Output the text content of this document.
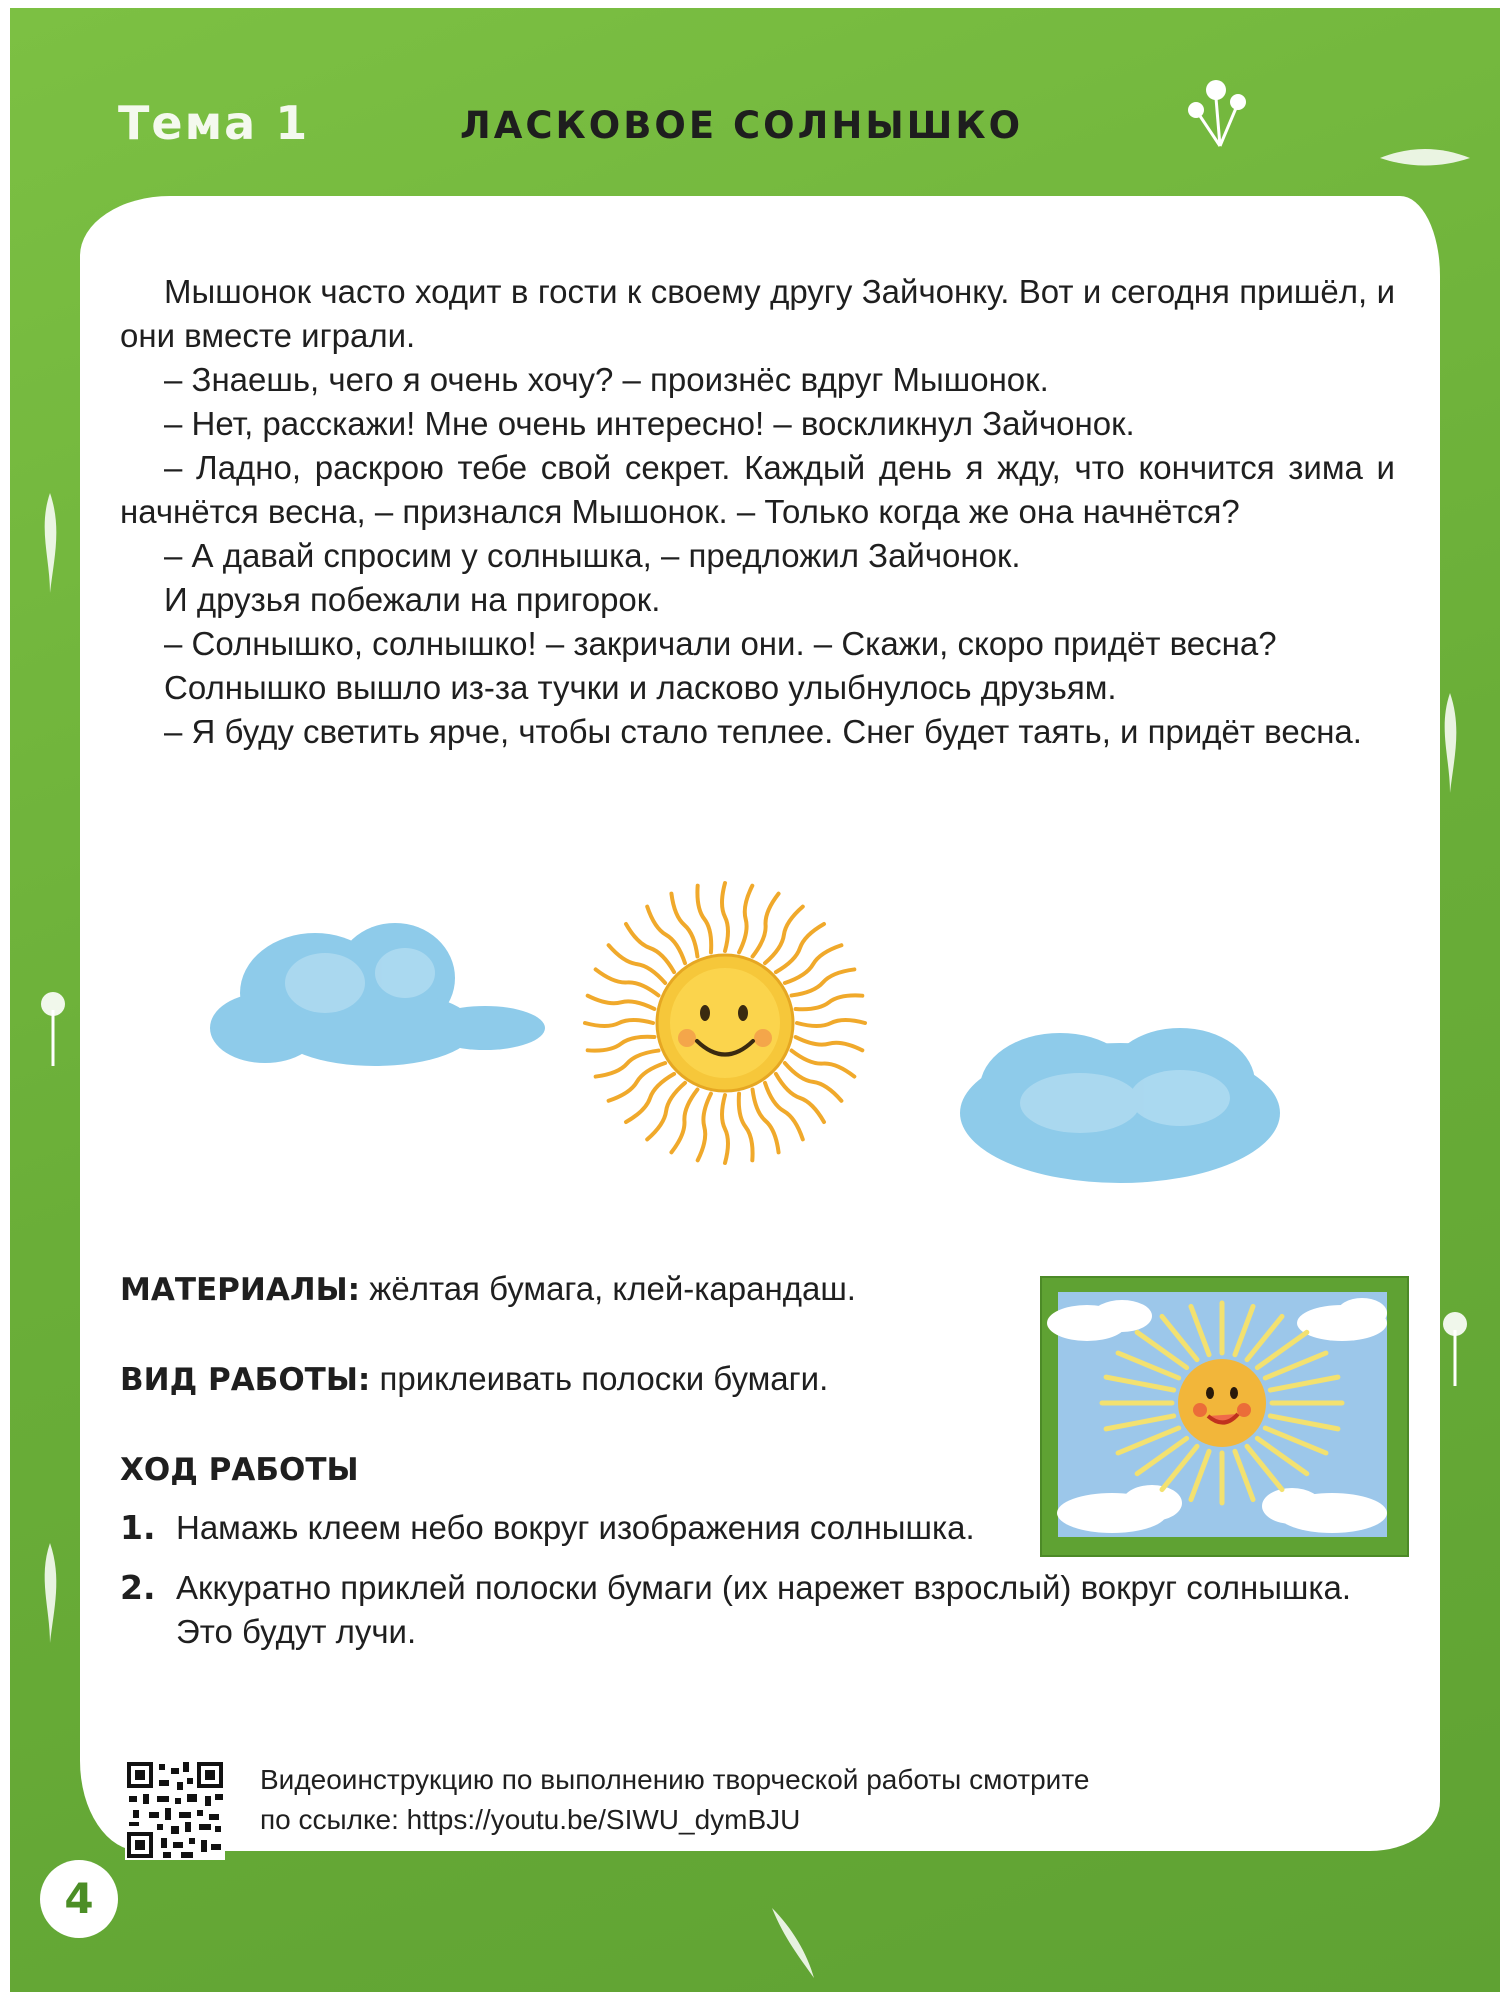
Тема 1	ЛАСКОВОЕ СОЛНЫШКО

Мышонок часто ходит в гости к своему другу Зайчонку. Вот и сегодня пришёл, и они вместе играли.

– Знаешь, чего я очень хочу? – произнёс вдруг Мышонок.

– Нет, расскажи! Мне очень интересно! – воскликнул Зайчонок.

– Ладно, раскрою тебе свой секрет. Каждый день я жду, что кончится зима и начнётся весна, – признался Мышонок. – Только когда же она начнётся?

– А давай спросим у солнышка, – предложил Зайчонок.

И друзья побежали на пригорок.

– Солнышко, солнышко! – закричали они. – Скажи, скоро придёт весна?

Солнышко вышло из-за тучки и ласково улыбнулось друзьям.

– Я буду светить ярче, чтобы стало теплее. Снег будет таять, и придёт весна.

МАТЕРИАЛЫ: жёлтая бумага, клей-карандаш.
ВИД РАБОТЫ: приклеивать полоски бумаги.
ХОД РАБОТЫ
1. Намажь клеем небо вокруг изображения солнышка.
2. Аккуратно приклей полоски бумаги (их нарежет взрослый) вокруг солнышка. Это будут лучи.
Видеоинструкцию по выполнению творческой работы смотрите
по ссылке: https://youtu.be/SIWU_dymBJU
4
